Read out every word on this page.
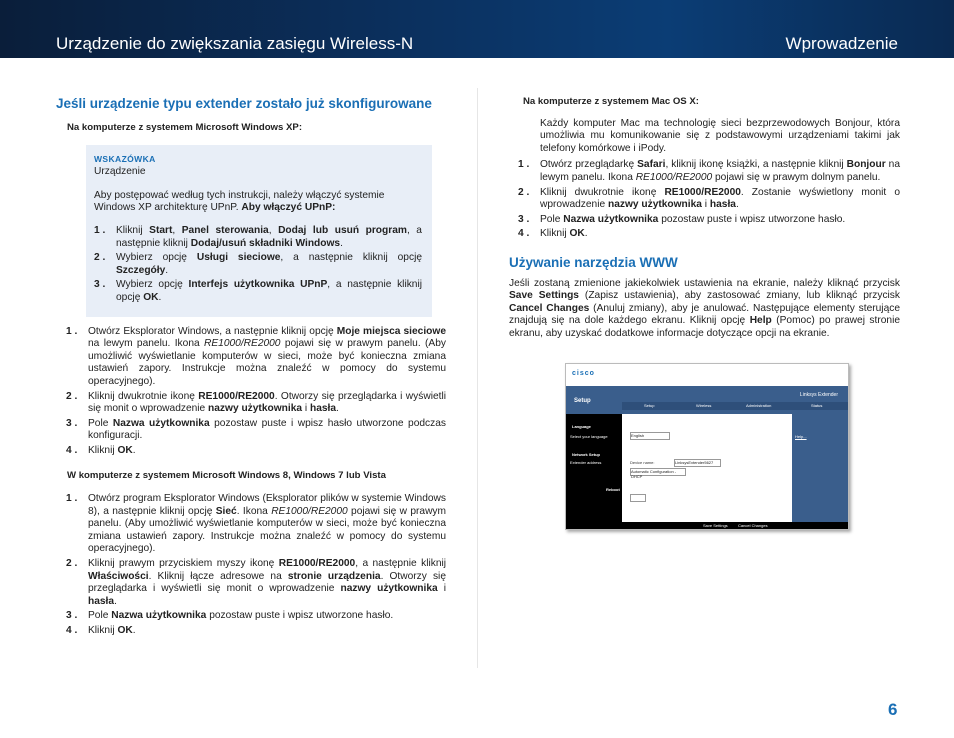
Urządzenie do zwiększania zasięgu Wireless-N	Wprowadzenie
Jeśli urządzenie typu extender zostało już skonfigurowane
Na komputerze z systemem Microsoft Windows XP:
WSKAZÓWKA
Urządzenie

Aby postępować według tych instrukcji, należy włączyć systemie Windows XP architekturę UPnP. Aby włączyć UPnP:

1 . Kliknij Start, Panel sterowania, Dodaj lub usuń program, a następnie kliknij Dodaj/usuń składniki Windows.
2 . Wybierz opcję Usługi sieciowe, a następnie kliknij opcję Szczegóły.
3 . Wybierz opcję Interfejs użytkownika UPnP, a następnie kliknij opcję OK.
1 . Otwórz Eksplorator Windows, a następnie kliknij opcję Moje miejsca sieciowe na lewym panelu. Ikona RE1000/RE2000 pojawi się w prawym panelu. (Aby umożliwić wyświetlanie komputerów w sieci, może być konieczna zmiana ustawień zapory. Instrukcje można znaleźć w pomocy do systemu operacyjnego).
2 . Kliknij dwukrotnie ikonę RE1000/RE2000. Otworzy się przeglądarka i wyświetli się monit o wprowadzenie nazwy użytkownika i hasła.
3 . Pole Nazwa użytkownika pozostaw puste i wpisz hasło utworzone podczas konfiguracji.
4 . Kliknij OK.
W komputerze z systemem Microsoft Windows 8, Windows 7 lub Vista
1 . Otwórz program Eksplorator Windows (Eksplorator plików w systemie Windows 8), a następnie kliknij opcję Sieć. Ikona RE1000/RE2000 pojawi się w prawym panelu. (Aby umożliwić wyświetlanie komputerów w sieci, może być konieczna zmiana ustawień zapory. Instrukcje można znaleźć w pomocy do systemu operacyjnego).
2 . Kliknij prawym przyciskiem myszy ikonę RE1000/RE2000, a następnie kliknij Właściwości. Kliknij łącze adresowe na stronie urządzenia. Otworzy się przeglądarka i wyświetli się monit o wprowadzenie nazwy użytkownika i hasła.
3 . Pole Nazwa użytkownika pozostaw puste i wpisz utworzone hasło.
4 . Kliknij OK.
Na komputerze z systemem Mac OS X:

Każdy komputer Mac ma technologię sieci bezprzewodowych Bonjour, która umożliwia mu komunikowanie się z podstawowymi urządzeniami takimi jak telefony komórkowe i iPody.

1 . Otwórz przeglądarkę Safari, kliknij ikonę książki, a następnie kliknij Bonjour na lewym panelu. Ikona RE1000/RE2000 pojawi się w prawym dolnym panelu.
2 . Kliknij dwukrotnie ikonę RE1000/RE2000. Zostanie wyświetlony monit o wprowadzenie nazwy użytkownika i hasła.
3 . Pole Nazwa użytkownika pozostaw puste i wpisz utworzone hasło.
4 . Kliknij OK.
Używanie narzędzia WWW

Jeśli zostaną zmienione jakiekolwiek ustawienia na ekranie, należy kliknąć przycisk Save Settings (Zapisz ustawienia), aby zastosować zmiany, lub kliknąć przycisk Cancel Changes (Anuluj zmiany), aby je anulować. Następujące elementy sterujące znajdują się na dole każdego ekranu. Kliknij opcję Help (Pomoc) po prawej stronie ekranu, aby uzyskać dodatkowe informacje dotyczące opcji na ekranie.

cisco
Linksys Extender
Setup
Setup	Wireless	Administration	Status
Language
Select your language
Network Setup
Extender address
Reboot
English
Device name:	LinksysExtender5627
Automatic Configuration - DHCP
Help...
Save Settings	Cancel Changes
6
